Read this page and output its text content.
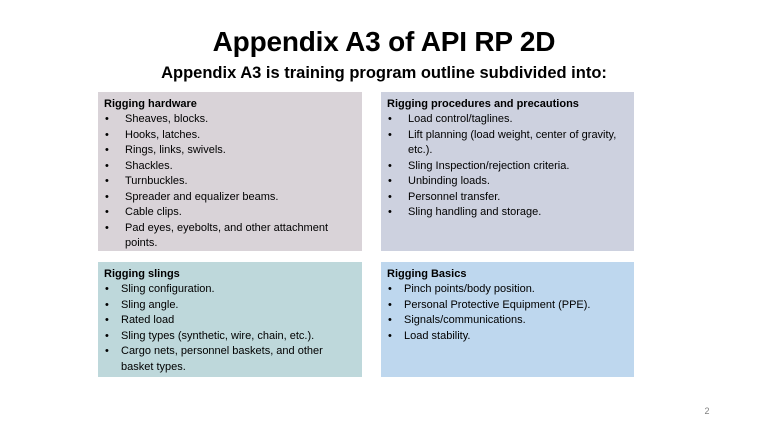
Appendix A3 of API RP 2D
Appendix A3 is training program outline subdivided into:
Rigging hardware
• Sheaves, blocks.
• Hooks, latches.
• Rings, links, swivels.
• Shackles.
• Turnbuckles.
• Spreader and equalizer beams.
• Cable clips.
• Pad eyes, eyebolts, and other attachment points.
Rigging procedures and precautions
• Load control/taglines.
• Lift planning (load weight, center of gravity, etc.).
• Sling Inspection/rejection criteria.
• Unbinding loads.
• Personnel transfer.
• Sling handling and storage.
Rigging slings
• Sling configuration.
• Sling angle.
• Rated load
• Sling types (synthetic, wire, chain, etc.).
• Cargo nets, personnel baskets, and other basket types.
Rigging Basics
• Pinch points/body position.
• Personal Protective Equipment (PPE).
• Signals/communications.
• Load stability.
2
